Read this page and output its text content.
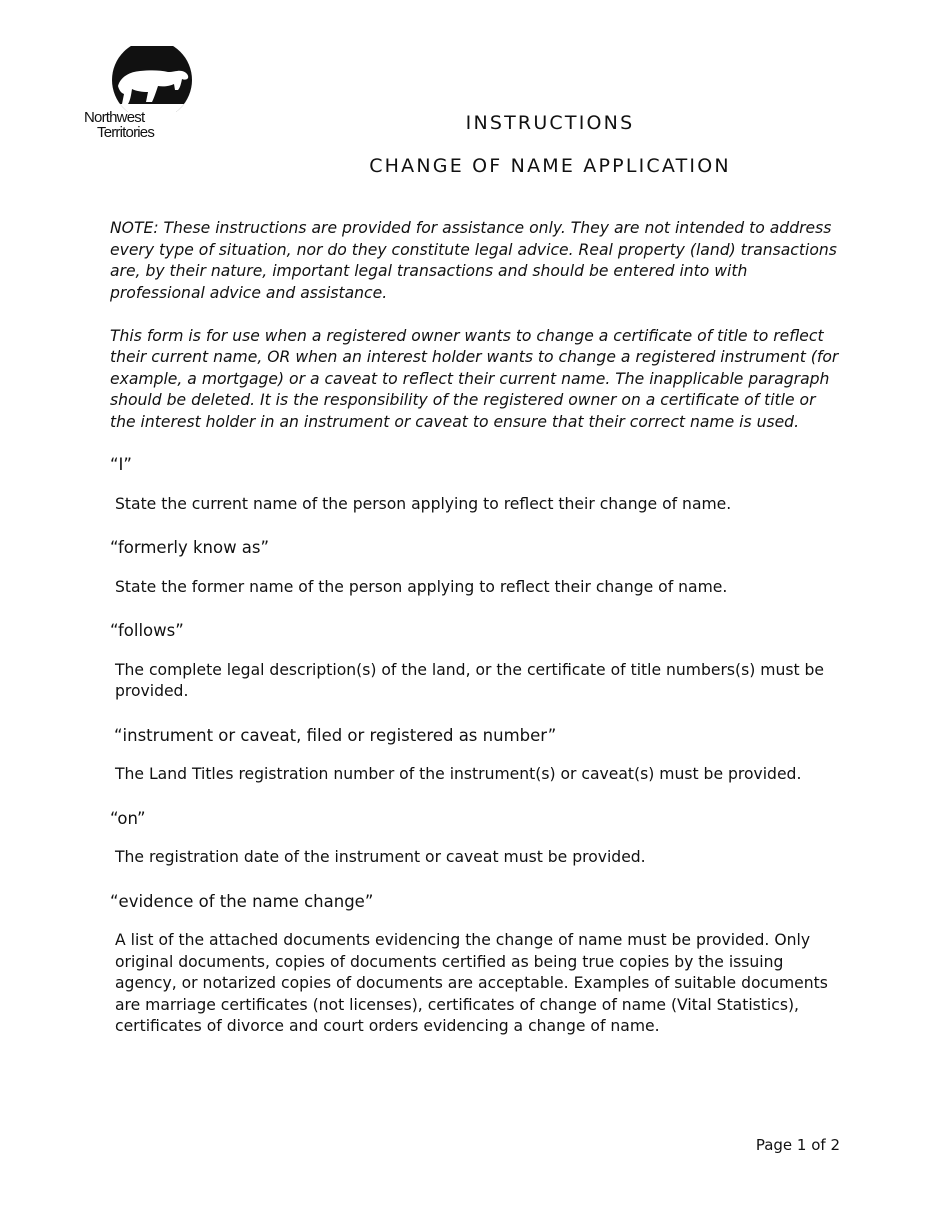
Northwest
Territories	INSTRUCTIONS
CHANGE OF NAME APPLICATION

NOTE: These instructions are provided for assistance only. They are not intended to address every type of situation, nor do they constitute legal advice. Real property (land) transactions are, by their nature, important legal transactions and should be entered into with professional advice and assistance.

This form is for use when a registered owner wants to change a certificate of title to reflect their current name, OR when an interest holder wants to change a registered instrument (for example, a mortgage) or a caveat to reflect their current name. The inapplicable paragraph should be deleted. It is the responsibility of the registered owner on a certificate of title or the interest holder in an instrument or caveat to ensure that their correct name is used.

“I”

State the current name of the person applying to reflect their change of name.

“formerly know as”

State the former name of the person applying to reflect their change of name.

“follows”

The complete legal description(s) of the land, or the certificate of title numbers(s) must be provided.

“instrument or caveat, filed or registered as number”

The Land Titles registration number of the instrument(s) or caveat(s) must be provided.

“on”

The registration date of the instrument or caveat must be provided.

“evidence of the name change”

A list of the attached documents evidencing the change of name must be provided. Only original documents, copies of documents certified as being true copies by the issuing agency, or notarized copies of documents are acceptable. Examples of suitable documents are marriage certificates (not licenses), certificates of change of name (Vital Statistics), certificates of divorce and court orders evidencing a change of name.

Page 1 of 2
